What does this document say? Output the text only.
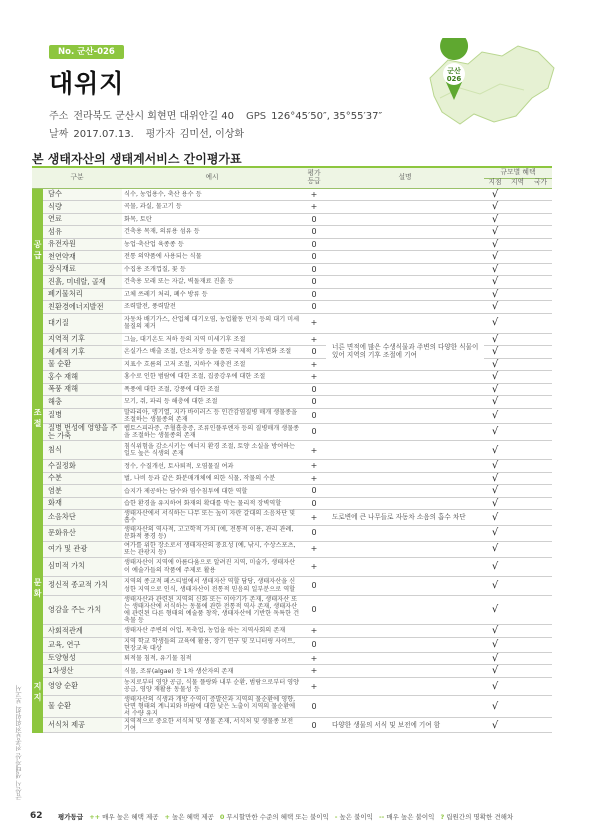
No. 군산-026
대위지
주소 전라북도 군산시 회현면 대위안길 40 GPS 126°45′50″, 35°55′37″
날짜 2017.07.13. 평가자 김미선, 이상화
군산
026
본 생태자산의 생태계서비스 간이평가표
구분		예시	평가 등급	설명	규모별 혜택		
					지점	지역	국가
공급	담수	식수, 농업용수, 축산 용수 등	+		√		
	식량	곡물, 과실, 물고기 등	+		√		
	연료	화목, 토탄	0		√		
	섬유	건축용 목재, 의류용 섬유 등	0		√		
	유전자원	농업·축산업 육종종 등	0		√		
	천연약재	전통 의약품에 사용되는 식물	0		√		
	장식재료	수집용 조개껍질, 꽃 등	0		√		
	진흙, 미네랄, 골재	건축용 모래 또는 자갈, 벽돌재료 진흙 등	0		√		
	폐기물처리	고체 쓰레기 처리, 폐수 방류 등	0		√		
	친환경에너지발전	조력발전, 풍력발전	0		√		
조절	대기질	자동차 배기가스, 산업체 대기오염, 농업활동 먼지 등의 대기 미세물질의 제거	+		√		
	지역적 기후	그늘, 대기온도 저하 등의 지역 미세기후 조절	+	너른 면적에 많은 수생식물과 주변의 다양한 식물이 있어 지역의 기후 조절에 기여	√		
	세계적 기후	온실가스 배출 조절, 탄소저장 등을 통한 국제적 기후변화 조절	0		√		
	물 순환	지표수 흐름의 고저 조절, 지하수 재충전 조절	+		√		
	홍수 재해	홍수로 인한 범람에 대한 조절, 집중강우에 대한 조절	+		√		
	폭풍 재해	폭풍에 대한 조절, 강풍에 대한 조절	0		√		
	해충	모기, 쥐, 파리 등 해충에 대한 조절	0		√		
	질병	말라리아, 뎅기열, 지카 바이러스 등 인간감염질병 매개 생물종을 조절하는 생물종의 존재	0		√		
	질병 번성에 영향을 주는 가축	렙토스피라증, 주혈흡충증, 조류인플루엔자 등의 질병매개 생물종을 조절하는 생물종의 존재	0		√		
	침식	침식위험을 감소시키는 에너지 환경 조절, 토양 소실을 방어하는 일도 높은 식생의 존재	+		√		
	수질정화	정수, 수질개선, 토사퇴적, 오염물질 여과	+		√		
	수분	벌, 나비 등과 같은 화분매개체에 의한 식물, 작물의 수분	+		√		
	염분	습지가 제공하는 담수와 염수침투에 대한 역할	0		√		
	화재	습한 환경을 유지하여 화재의 확대를 막는 물리적 장벽역할	0		√		
	소음차단	생태자산에서 서식하는 나무 또는 높이 자란 갈대의 소음차단 및 흡수	+	도로변에 큰 나무들로 자동차 소음의 흡수 차단	√		
문화	문화유산	생태자산의 역사적, 고고학적 가치 (예, 전통적 이용, 관리 관례, 문화적 풍경 등)	0		√		
	여가 및 관광	여가를 위한 장소로서 생태자산의 중요성 (예, 낚시, 수상스포츠, 또는 관광지 등)	+		√		
	심미적 가치	생태자산이 지역에 아름다움으로 알려진 지역, 미술가, 생태자산이 예술가들의 작품에 주제로 활용	+		√		
	정신적 종교적 가치	지역의 종교적 페스티벌에서 생태자산 역할 담당, 생태자산을 신성한 지역으로 인식, 생태자산이 전통적 믿음의 일부분으로 역할	0		√		
	영감을 주는 가치	생태자산과 관련된 지역의 신화 또는 이야기가 존재, 생태자산 또는 생태자산에 서식하는 동물에 관한 전통적 역사 존재, 생태자산에 관련된 다른 형태의 예술품 창작, 생태자산에 기반한 독특한 건축물 등	0		√		
	사회적관계	생태자산 주변의 어업, 목축업, 농업을 하는 지역사회의 존재	+		√		
	교육, 연구	지역 학교 학생들의 교육에 활용, 장기 연구 및 모니터링 사이트, 현장교육 대상	0		√		
지지	토양형성	퇴적물 침적, 유기물 침적	+		√		
	1차생산	식물, 조류(algae) 등 1차 생산자의 존재	+		√		
	영양 순환	농지로부터 영양 공급, 식물 플랑와 내부 순환, 범람으로부터 영양공급, 영양 재활용 동물성 등	+		√		
	물 순환	생태자산의 식생과 개방 수역이 증발산과 지역의 물순환에 영향, 단면 형태의 계니피와 바람에 대한 낮은 노출이 지역의 물순환에서 수량 유지	0		√		
	서식처 제공	지역적으로 중요한 서식처 및 생물 존재, 서식처 및 생물종 보전 기여	0	다양한 생물의 서식 및 보전에 기여 함	√		
금산시 생태자산 전공보전위원회 보고서
62 평가등급 ++ 매우 높은 혜택 제공 + 높은 혜택 제공 0 무시할만한 수준의 혜택 또는 불이익 - 높은 불이익 -- 매우 높은 불이익 ? 립원간의 명확한 견해차
